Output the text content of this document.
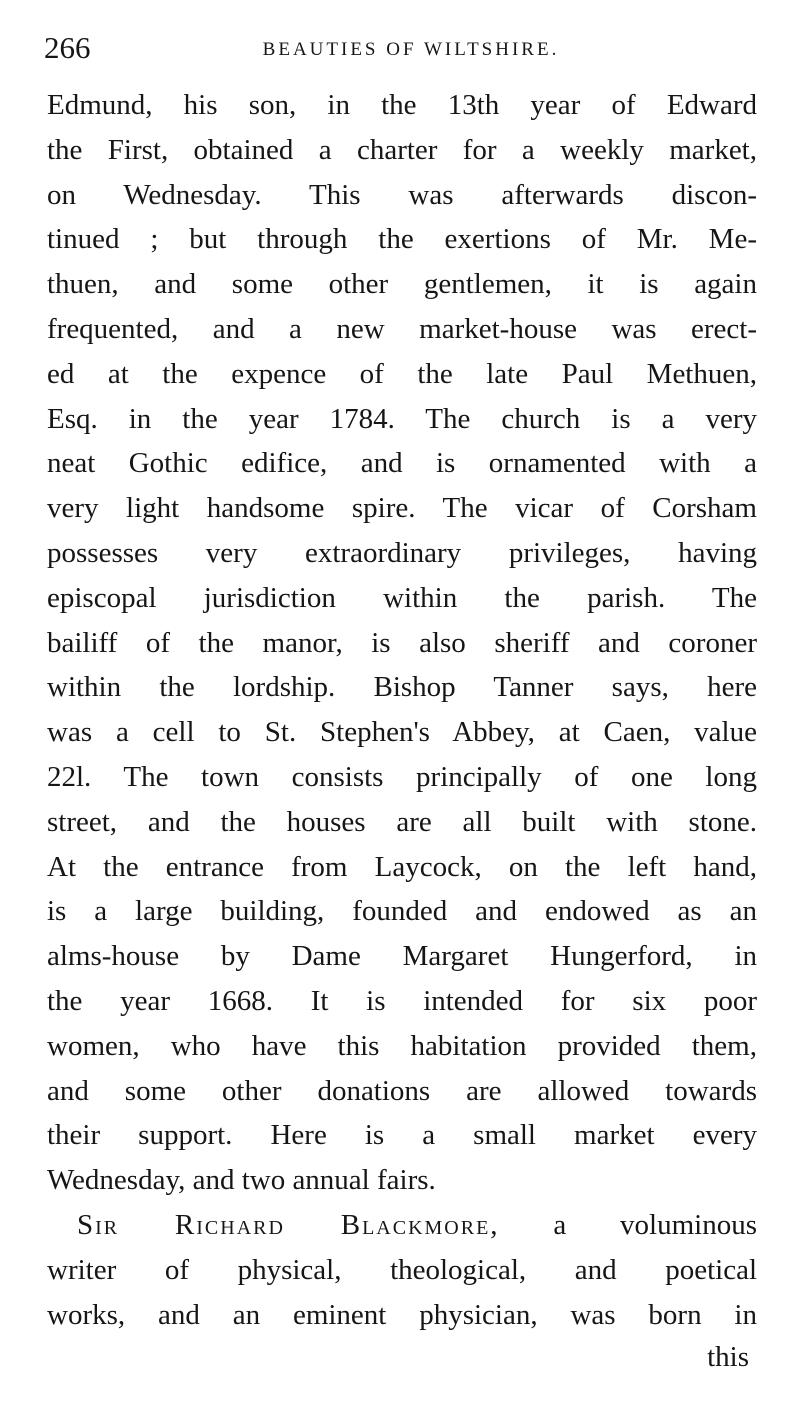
266	BEAUTIES OF WILTSHIRE.
Edmund, his son, in the 13th year of Edward
the First, obtained a charter for a weekly market,
on Wednesday. This was afterwards discon-
tinued ; but through the exertions of Mr. Me-
thuen, and some other gentlemen, it is again
frequented, and a new market-house was erect-
ed at the expence of the late Paul Methuen,
Esq. in the year 1784. The church is a very
neat Gothic edifice, and is ornamented with a
very light handsome spire. The vicar of Corsham
possesses very extraordinary privileges, having
episcopal jurisdiction within the parish. The
bailiff of the manor, is also sheriff and coroner
within the lordship. Bishop Tanner says, here
was a cell to St. Stephen's Abbey, at Caen, value
22l. The town consists principally of one long
street, and the houses are all built with stone.
At the entrance from Laycock, on the left hand,
is a large building, founded and endowed as an
alms-house by Dame Margaret Hungerford, in
the year 1668. It is intended for six poor
women, who have this habitation provided them,
and some other donations are allowed towards
their support. Here is a small market every
Wednesday, and two annual fairs.
Sir Richard Blackmore, a voluminous
writer of physical, theological, and poetical
works, and an eminent physician, was born in
this
